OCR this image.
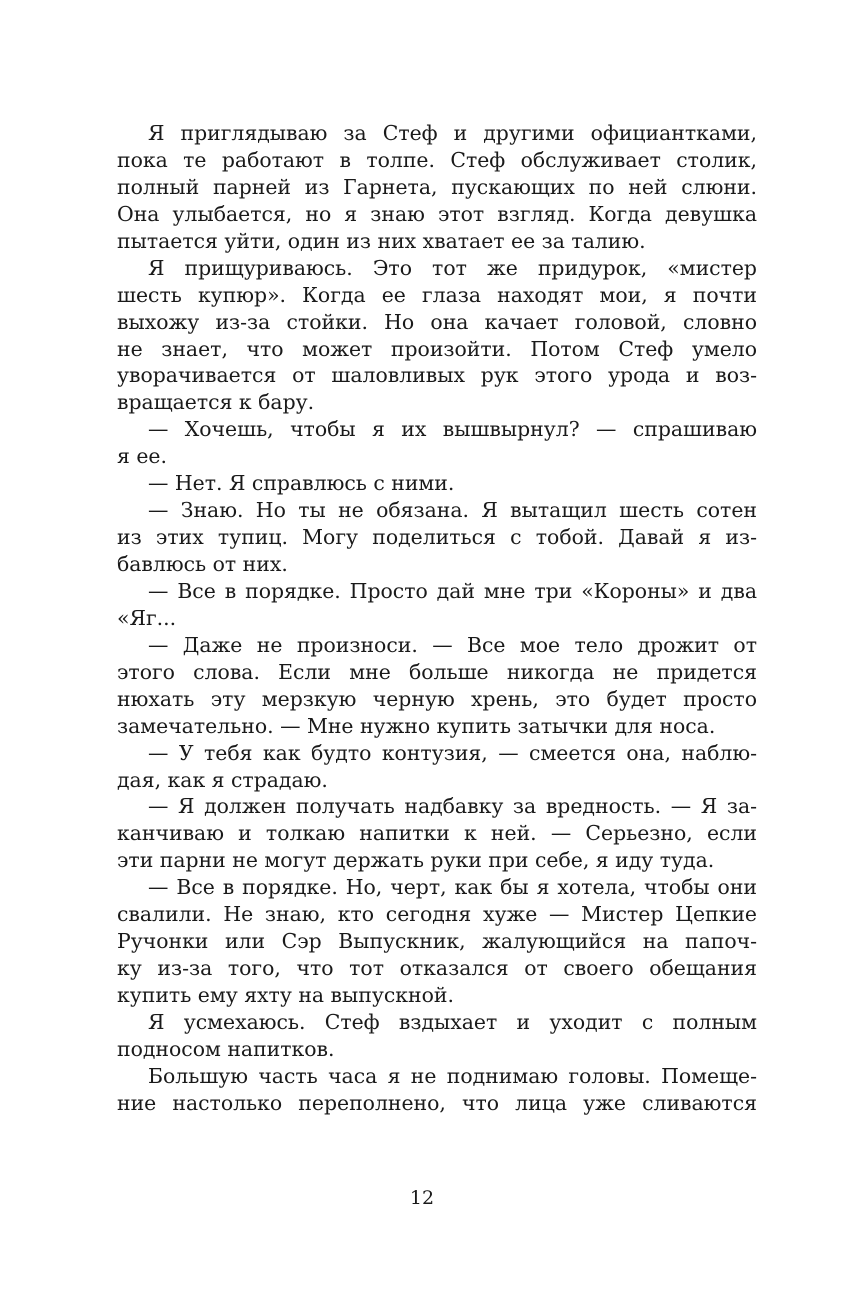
Я приглядываю за Стеф и другими официантками,
пока те работают в толпе. Стеф обслуживает столик,
полный парней из Гарнета, пускающих по ней слюни.
Она улыбается, но я знаю этот взгляд. Когда девушка
пытается уйти, один из них хватает ее за талию.
Я прищуриваюсь. Это тот же придурок, «мистер
шесть купюр». Когда ее глаза находят мои, я почти
выхожу из-за стойки. Но она качает головой, словно
не знает, что может произойти. Потом Стеф умело
уворачивается от шаловливых рук этого урода и воз-
вращается к бару.
— Хочешь, чтобы я их вышвырнул? — спрашиваю
я ее.
— Нет. Я справлюсь с ними.
— Знаю. Но ты не обязана. Я вытащил шесть сотен
из этих тупиц. Могу поделиться с тобой. Давай я из-
бавлюсь от них.
— Все в порядке. Просто дай мне три «Короны» и два
«Яг...
— Даже не произноси. — Все мое тело дрожит от
этого слова. Если мне больше никогда не придется
нюхать эту мерзкую черную хрень, это будет просто
замечательно. — Мне нужно купить затычки для носа.
— У тебя как будто контузия, — смеется она, наблю-
дая, как я страдаю.
— Я должен получать надбавку за вредность. — Я за-
канчиваю и толкаю напитки к ней. — Серьезно, если
эти парни не могут держать руки при себе, я иду туда.
— Все в порядке. Но, черт, как бы я хотела, чтобы они
свалили. Не знаю, кто сегодня хуже — Мистер Цепкие
Ручонки или Сэр Выпускник, жалующийся на папоч-
ку из-за того, что тот отказался от своего обещания
купить ему яхту на выпускной.
Я усмехаюсь. Стеф вздыхает и уходит с полным
подносом напитков.
Большую часть часа я не поднимаю головы. Помеще-
ние настолько переполнено, что лица уже сливаются
12
